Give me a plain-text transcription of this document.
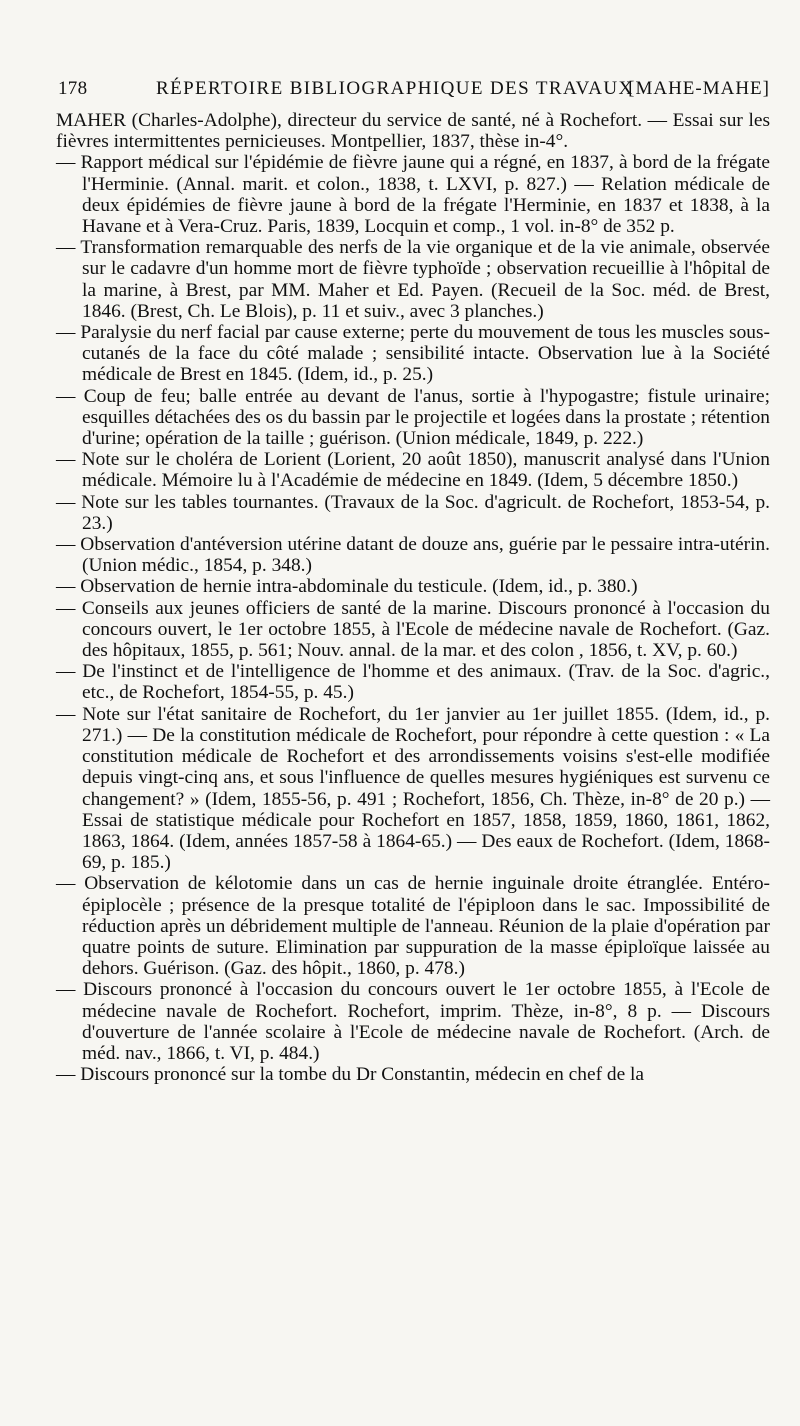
178	RÉPERTOIRE BIBLIOGRAPHIQUE DES TRAVAUX
[MAHE-MAHE]

MAHER (Charles-Adolphe), directeur du service de santé, né à Rochefort. — Essai sur les fièvres intermittentes pernicieuses. Montpellier, 1837, thèse in-4°.

— Rapport médical sur l'épidémie de fièvre jaune qui a régné, en 1837, à bord de la frégate l'Herminie. (Annal. marit. et colon., 1838, t. LXVI, p. 827.) — Relation médicale de deux épidémies de fièvre jaune à bord de la frégate l'Herminie, en 1837 et 1838, à la Havane et à Vera-Cruz. Paris, 1839, Locquin et comp., 1 vol. in-8° de 352 p.

— Transformation remarquable des nerfs de la vie organique et de la vie animale, observée sur le cadavre d'un homme mort de fièvre typhoïde ; observation recueillie à l'hôpital de la marine, à Brest, par MM. Maher et Ed. Payen. (Recueil de la Soc. méd. de Brest, 1846. (Brest, Ch. Le Blois), p. 11 et suiv., avec 3 planches.)

— Paralysie du nerf facial par cause externe; perte du mouvement de tous les muscles sous-cutanés de la face du côté malade ; sensibilité intacte. Observation lue à la Société médicale de Brest en 1845. (Idem, id., p. 25.)

— Coup de feu; balle entrée au devant de l'anus, sortie à l'hypogastre; fistule urinaire; esquilles détachées des os du bassin par le projectile et logées dans la prostate ; rétention d'urine; opération de la taille ; guérison. (Union médicale, 1849, p. 222.)

— Note sur le choléra de Lorient (Lorient, 20 août 1850), manuscrit analysé dans l'Union médicale. Mémoire lu à l'Académie de médecine en 1849. (Idem, 5 décembre 1850.)

— Note sur les tables tournantes. (Travaux de la Soc. d'agricult. de Rochefort, 1853-54, p. 23.)

— Observation d'antéversion utérine datant de douze ans, guérie par le pessaire intra-utérin. (Union médic., 1854, p. 348.)

— Observation de hernie intra-abdominale du testicule. (Idem, id., p. 380.)

— Conseils aux jeunes officiers de santé de la marine. Discours prononcé à l'occasion du concours ouvert, le 1er octobre 1855, à l'Ecole de médecine navale de Rochefort. (Gaz. des hôpitaux, 1855, p. 561; Nouv. annal. de la mar. et des colon , 1856, t. XV, p. 60.)

— De l'instinct et de l'intelligence de l'homme et des animaux. (Trav. de la Soc. d'agric., etc., de Rochefort, 1854-55, p. 45.)

— Note sur l'état sanitaire de Rochefort, du 1er janvier au 1er juillet 1855. (Idem, id., p. 271.) — De la constitution médicale de Rochefort, pour répondre à cette question : « La constitution médicale de Rochefort et des arrondissements voisins s'est-elle modifiée depuis vingt-cinq ans, et sous l'influence de quelles mesures hygiéniques est survenu ce changement? » (Idem, 1855-56, p. 491 ; Rochefort, 1856, Ch. Thèze, in-8° de 20 p.) — Essai de statistique médicale pour Rochefort en 1857, 1858, 1859, 1860, 1861, 1862, 1863, 1864. (Idem, années 1857-58 à 1864-65.) — Des eaux de Rochefort. (Idem, 1868-69, p. 185.)

— Observation de kélotomie dans un cas de hernie inguinale droite étranglée. Entéro-épiplocèle ; présence de la presque totalité de l'épiploon dans le sac. Impossibilité de réduction après un débridement multiple de l'anneau. Réunion de la plaie d'opération par quatre points de suture. Elimination par suppuration de la masse épiploïque laissée au dehors. Guérison. (Gaz. des hôpit., 1860, p. 478.)

— Discours prononcé à l'occasion du concours ouvert le 1er octobre 1855, à l'Ecole de médecine navale de Rochefort. Rochefort, imprim. Thèze, in-8°, 8 p. — Discours d'ouverture de l'année scolaire à l'Ecole de médecine navale de Rochefort. (Arch. de méd. nav., 1866, t. VI, p. 484.)

— Discours prononcé sur la tombe du Dr Constantin, médecin en chef de la
